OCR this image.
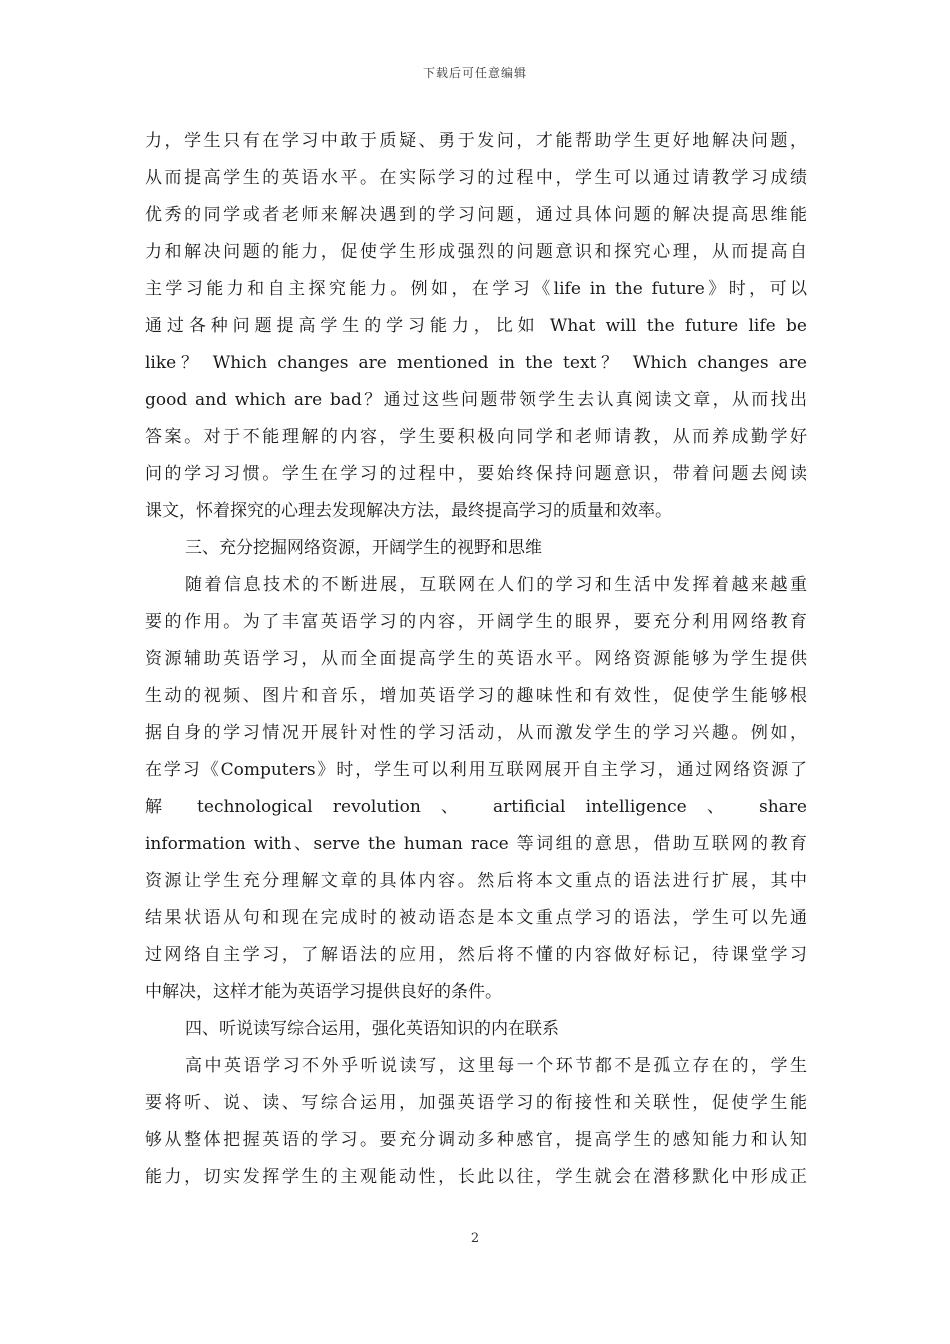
下载后可任意编辑
力，学生只有在学习中敢于质疑、勇于发问，才能帮助学生更好地解决问题，
从而提高学生的英语水平。在实际学习的过程中，学生可以通过请教学习成绩
优秀的同学或者老师来解决遇到的学习问题，通过具体问题的解决提高思维能
力和解决问题的能力，促使学生形成强烈的问题意识和探究心理，从而提高自
主学习能力和自主探究能力。例如，在学习《life in the future》时，可以
通过各种问题提高学生的学习能力，比如 What will the future life be
like？ Which changes are mentioned in the text？ Which changes are
good and which are bad？通过这些问题带领学生去认真阅读文章，从而找出
答案。对于不能理解的内容，学生要积极向同学和老师请教，从而养成勤学好
问的学习习惯。学生在学习的过程中，要始终保持问题意识，带着问题去阅读
课文，怀着探究的心理去发现解决方法，最终提高学习的质量和效率。
三、充分挖掘网络资源，开阔学生的视野和思维
随着信息技术的不断进展，互联网在人们的学习和生活中发挥着越来越重
要的作用。为了丰富英语学习的内容，开阔学生的眼界，要充分利用网络教育
资源辅助英语学习，从而全面提高学生的英语水平。网络资源能够为学生提供
生动的视频、图片和音乐，增加英语学习的趣味性和有效性，促使学生能够根
据自身的学习情况开展针对性的学习活动，从而激发学生的学习兴趣。例如，
在学习《Computers》时，学生可以利用互联网展开自主学习，通过网络资源了
解 technological revolution 、 artificial intelligence 、 share
information with、serve the human race 等词组的意思，借助互联网的教育
资源让学生充分理解文章的具体内容。然后将本文重点的语法进行扩展，其中
结果状语从句和现在完成时的被动语态是本文重点学习的语法，学生可以先通
过网络自主学习，了解语法的应用，然后将不懂的内容做好标记，待课堂学习
中解决，这样才能为英语学习提供良好的条件。
四、听说读写综合运用，强化英语知识的内在联系
高中英语学习不外乎听说读写，这里每一个环节都不是孤立存在的，学生
要将听、说、读、写综合运用，加强英语学习的衔接性和关联性，促使学生能
够从整体把握英语的学习。要充分调动多种感官，提高学生的感知能力和认知
能力，切实发挥学生的主观能动性，长此以往，学生就会在潜移默化中形成正
2
